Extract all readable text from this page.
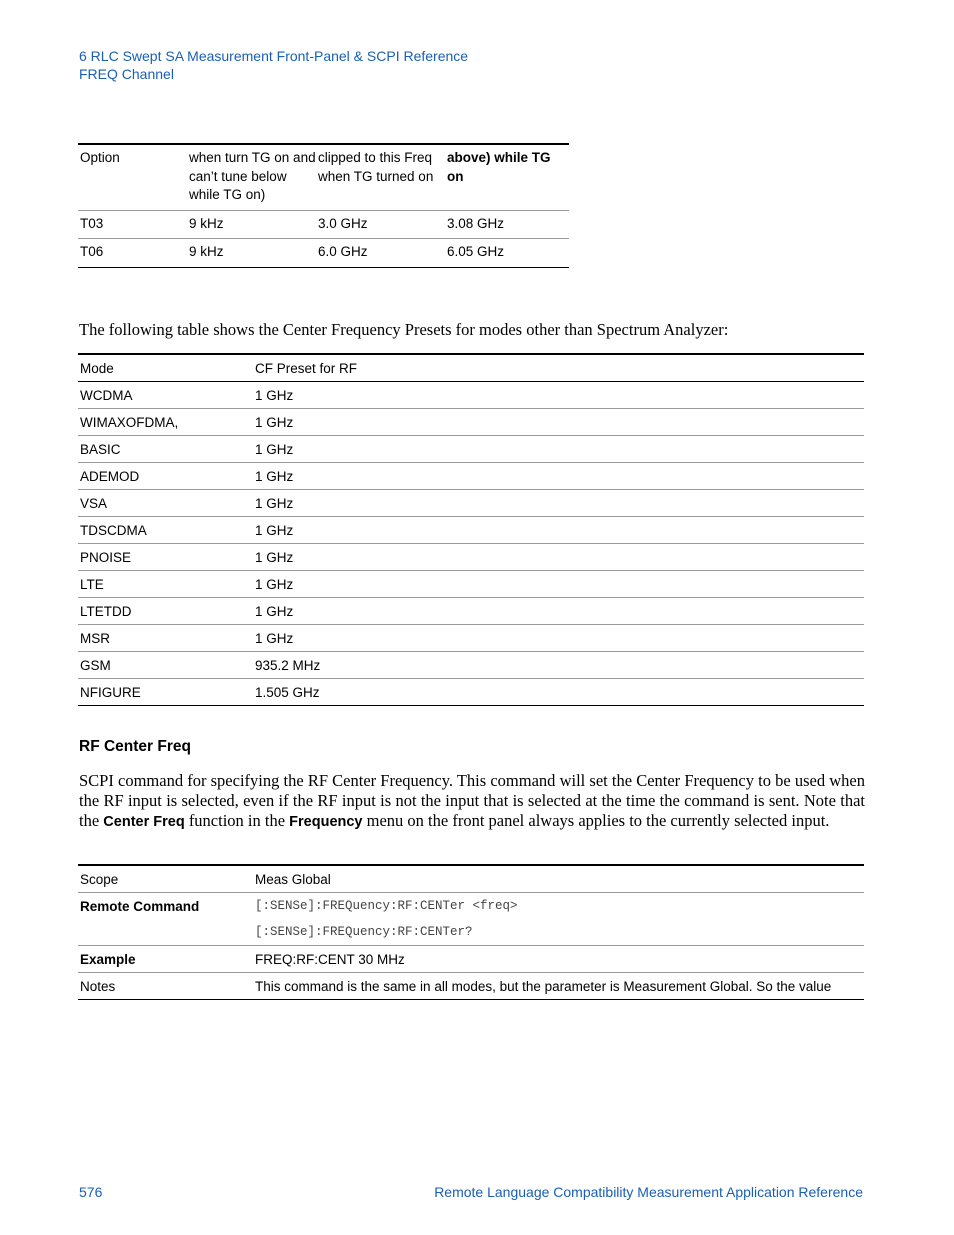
6 RLC Swept SA Measurement Front-Panel & SCPI Reference
FREQ Channel
Option	when turn TG on and can’t tune below while TG on)	clipped to this Freq when TG turned on	above) while TG on
T03	9 kHz	3.0 GHz	3.08 GHz
T06	9 kHz	6.0 GHz	6.05 GHz
The following table shows the Center Frequency Presets for modes other than Spectrum Analyzer:
Mode	CF Preset for RF
WCDMA	1 GHz
WIMAXOFDMA,	1 GHz
BASIC	1 GHz
ADEMOD	1 GHz
VSA	1 GHz
TDSCDMA	1 GHz
PNOISE	1 GHz
LTE	1 GHz
LTETDD	1 GHz
MSR	1 GHz
GSM	935.2 MHz
NFIGURE	1.505 GHz
RF Center Freq
SCPI command for specifying the RF Center Frequency. This command will set the Center Frequency to be used when the RF input is selected, even if the RF input is not the input that is selected at the time the command is sent. Note that the Center Freq function in the Frequency menu on the front panel always applies to the currently selected input.
Scope	Meas Global
Remote Command	[:SENSe]:FREQuency:RF:CENTer <freq>
	[:SENSe]:FREQuency:RF:CENTer?
Example	FREQ:RF:CENT 30 MHz
Notes	This command is the same in all modes, but the parameter is Measurement Global. So the value
576	Remote Language Compatibility Measurement Application Reference
